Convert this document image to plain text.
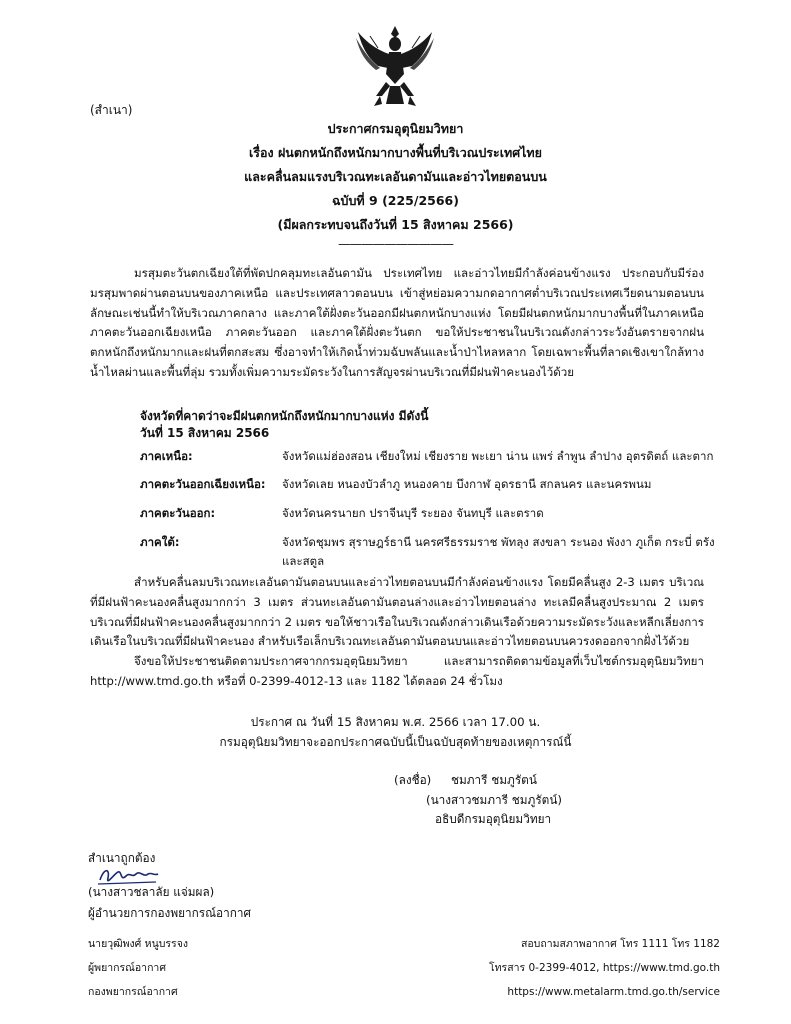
(สำเนา)
ประกาศกรมอุตุนิยมวิทยา
เรื่อง ฝนตกหนักถึงหนักมากบางพื้นที่บริเวณประเทศไทย
และคลื่นลมแรงบริเวณทะเลอันดามันและอ่าวไทยตอนบน
ฉบับที่ 9 (225/2566)
(มีผลกระทบจนถึงวันที่ 15 สิงหาคม 2566)
——————————

มรสุมตะวันตกเฉียงใต้ที่พัดปกคลุมทะเลอันดามัน ประเทศไทย และอ่าวไทยมีกำลังค่อนข้างแรง ประกอบกับมีร่องมรสุมพาดผ่านตอนบนของภาคเหนือ และประเทศลาวตอนบน เข้าสู่หย่อมความกดอากาศต่ำบริเวณประเทศเวียดนามตอนบน ลักษณะเช่นนี้ทำให้บริเวณภาคกลาง และภาคใต้ฝั่งตะวันออกมีฝนตกหนักบางแห่ง โดยมีฝนตกหนักมากบางพื้นที่ในภาคเหนือ ภาคตะวันออกเฉียงเหนือ ภาคตะวันออก และภาคใต้ฝั่งตะวันตก ขอให้ประชาชนในบริเวณดังกล่าวระวังอันตรายจากฝนตกหนักถึงหนักมากและฝนที่ตกสะสม ซึ่งอาจทำให้เกิดน้ำท่วมฉับพลันและน้ำป่าไหลหลาก โดยเฉพาะพื้นที่ลาดเชิงเขาใกล้ทางน้ำไหลผ่านและพื้นที่ลุ่ม รวมทั้งเพิ่มความระมัดระวังในการสัญจรผ่านบริเวณที่มีฝนฟ้าคะนองไว้ด้วย

จังหวัดที่คาดว่าจะมีฝนตกหนักถึงหนักมากบางแห่ง มีดังนี้
วันที่ 15 สิงหาคม 2566
ภาคเหนือ:	จังหวัดแม่ฮ่องสอน เชียงใหม่ เชียงราย พะเยา น่าน แพร่ ลำพูน ลำปาง อุตรดิตถ์ และตาก
ภาคตะวันออกเฉียงเหนือ:	จังหวัดเลย หนองบัวลำภู หนองคาย บึงกาฬ อุดรธานี สกลนคร และนครพนม
ภาคตะวันออก:	จังหวัดนครนายก ปราจีนบุรี ระยอง จันทบุรี และตราด
ภาคใต้:	จังหวัดชุมพร สุราษฎร์ธานี นครศรีธรรมราช พัทลุง สงขลา ระนอง พังงา ภูเก็ต กระบี่ ตรัง และสตูล

สำหรับคลื่นลมบริเวณทะเลอันดามันตอนบนและอ่าวไทยตอนบนมีกำลังค่อนข้างแรง โดยมีคลื่นสูง 2-3 เมตร บริเวณที่มีฝนฟ้าคะนองคลื่นสูงมากกว่า 3 เมตร ส่วนทะเลอันดามันตอนล่างและอ่าวไทยตอนล่าง ทะเลมีคลื่นสูงประมาณ 2 เมตร บริเวณที่มีฝนฟ้าคะนองคลื่นสูงมากกว่า 2 เมตร ขอให้ชาวเรือในบริเวณดังกล่าวเดินเรือด้วยความระมัดระวังและหลีกเลี่ยงการเดินเรือในบริเวณที่มีฝนฟ้าคะนอง สำหรับเรือเล็กบริเวณทะเลอันดามันตอนบนและอ่าวไทยตอนบนควรงดออกจากฝั่งไว้ด้วย

จึงขอให้ประชาชนติดตามประกาศจากกรมอุตุนิยมวิทยา และสามารถติดตามข้อมูลที่เว็บไซต์กรมอุตุนิยมวิทยา http://www.tmd.go.th หรือที่ 0-2399-4012-13 และ 1182 ได้ตลอด 24 ชั่วโมง

ประกาศ ณ วันที่ 15 สิงหาคม พ.ศ. 2566 เวลา 17.00 น.
กรมอุตุนิยมวิทยาจะออกประกาศฉบับนี้เป็นฉบับสุดท้ายของเหตุการณ์นี้
(ลงชื่อ) ชมภารี ชมภูรัตน์
(นางสาวชมภารี ชมภูรัตน์)
อธิบดีกรมอุตุนิยมวิทยา
สำเนาถูกต้อง
(นางสาวชลาลัย แจ่มผล)
ผู้อำนวยการกองพยากรณ์อากาศ
นายวุฒิพงศ์ หนูบรรจง
ผู้พยากรณ์อากาศ
กองพยากรณ์อากาศ
สอบถามสภาพอากาศ โทร 1111 โทร 1182
โทรสาร 0-2399-4012, https://www.tmd.go.th
https://www.metalarm.tmd.go.th/service
